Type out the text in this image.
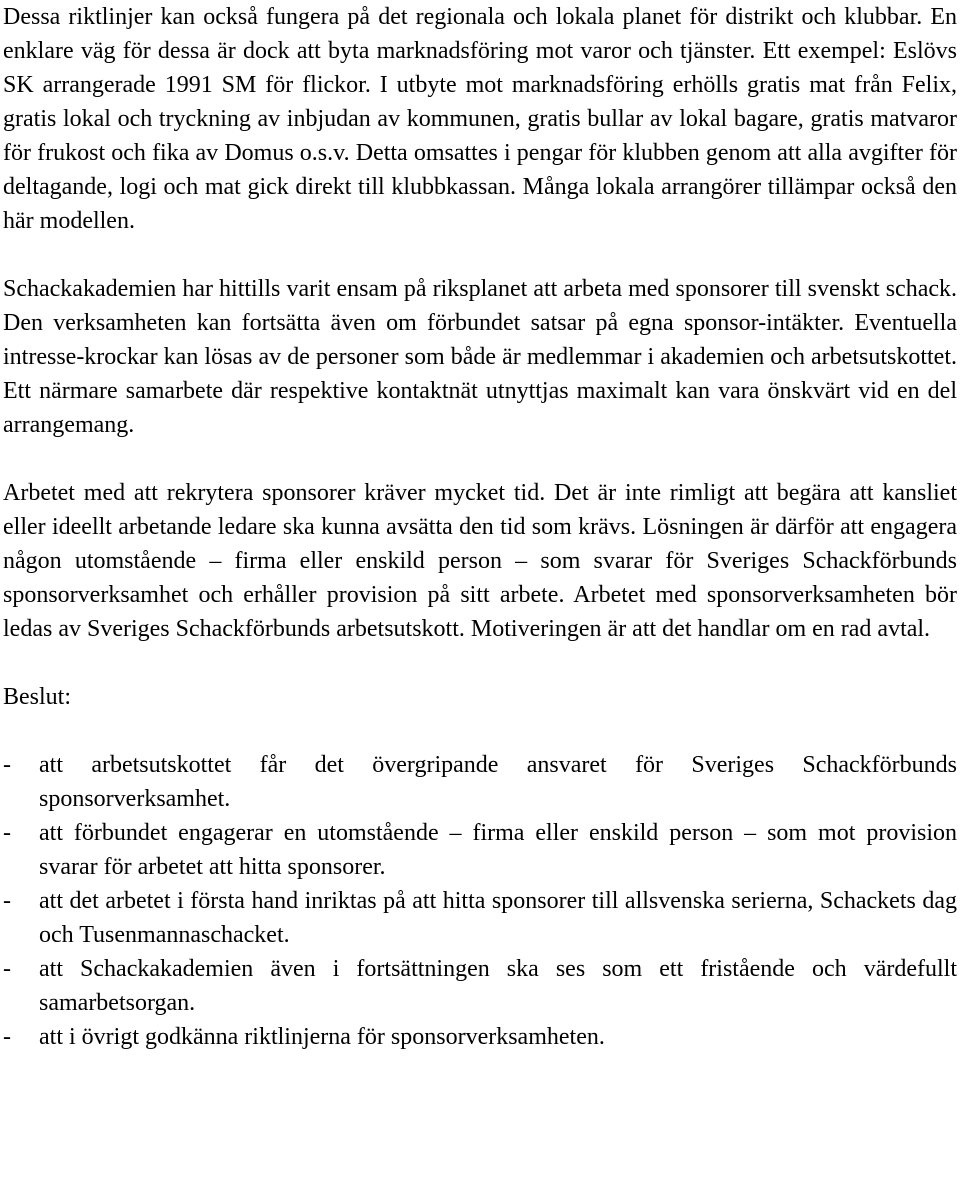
Dessa riktlinjer kan också fungera på det regionala och lokala planet för distrikt och klubbar. En enklare väg för dessa är dock att byta marknadsföring mot varor och tjänster. Ett exempel: Eslövs SK arrangerade 1991 SM för flickor. I utbyte mot marknadsföring erhölls gratis mat från Felix, gratis lokal och tryckning av inbjudan av kommunen, gratis bullar av lokal bagare, gratis matvaror för frukost och fika av Domus o.s.v. Detta omsattes i pengar för klubben genom att alla avgifter för deltagande, logi och mat gick direkt till klubbkassan. Många lokala arrangörer tillämpar också den här modellen.

Schackakademien har hittills varit ensam på riksplanet att arbeta med sponsorer till svenskt schack. Den verksamheten kan fortsätta även om förbundet satsar på egna sponsor-intäkter. Eventuella intresse-krockar kan lösas av de personer som både är medlemmar i akademien och arbetsutskottet. Ett närmare samarbete där respektive kontaktnät utnyttjas maximalt kan vara önskvärt vid en del arrangemang.

Arbetet med att rekrytera sponsorer kräver mycket tid. Det är inte rimligt att begära att kansliet eller ideellt arbetande ledare ska kunna avsätta den tid som krävs. Lösningen är därför att engagera någon utomstående – firma eller enskild person – som svarar för Sveriges Schackförbunds sponsorverksamhet och erhåller provision på sitt arbete. Arbetet med sponsorverksamheten bör ledas av Sveriges Schackförbunds arbetsutskott. Motiveringen är att det handlar om en rad avtal.

Beslut:

-	att arbetsutskottet får det övergripande ansvaret för Sveriges Schackförbunds sponsorverksamhet.
-	att förbundet engagerar en utomstående – firma eller enskild person – som mot provision svarar för arbetet att hitta sponsorer.
-	att det arbetet i första hand inriktas på att hitta sponsorer till allsvenska serierna, Schackets dag och Tusenmannaschacket.
-	att Schackakademien även i fortsättningen ska ses som ett fristående och värdefullt samarbetsorgan.
-	att i övrigt godkänna riktlinjerna för sponsorverksamheten.
